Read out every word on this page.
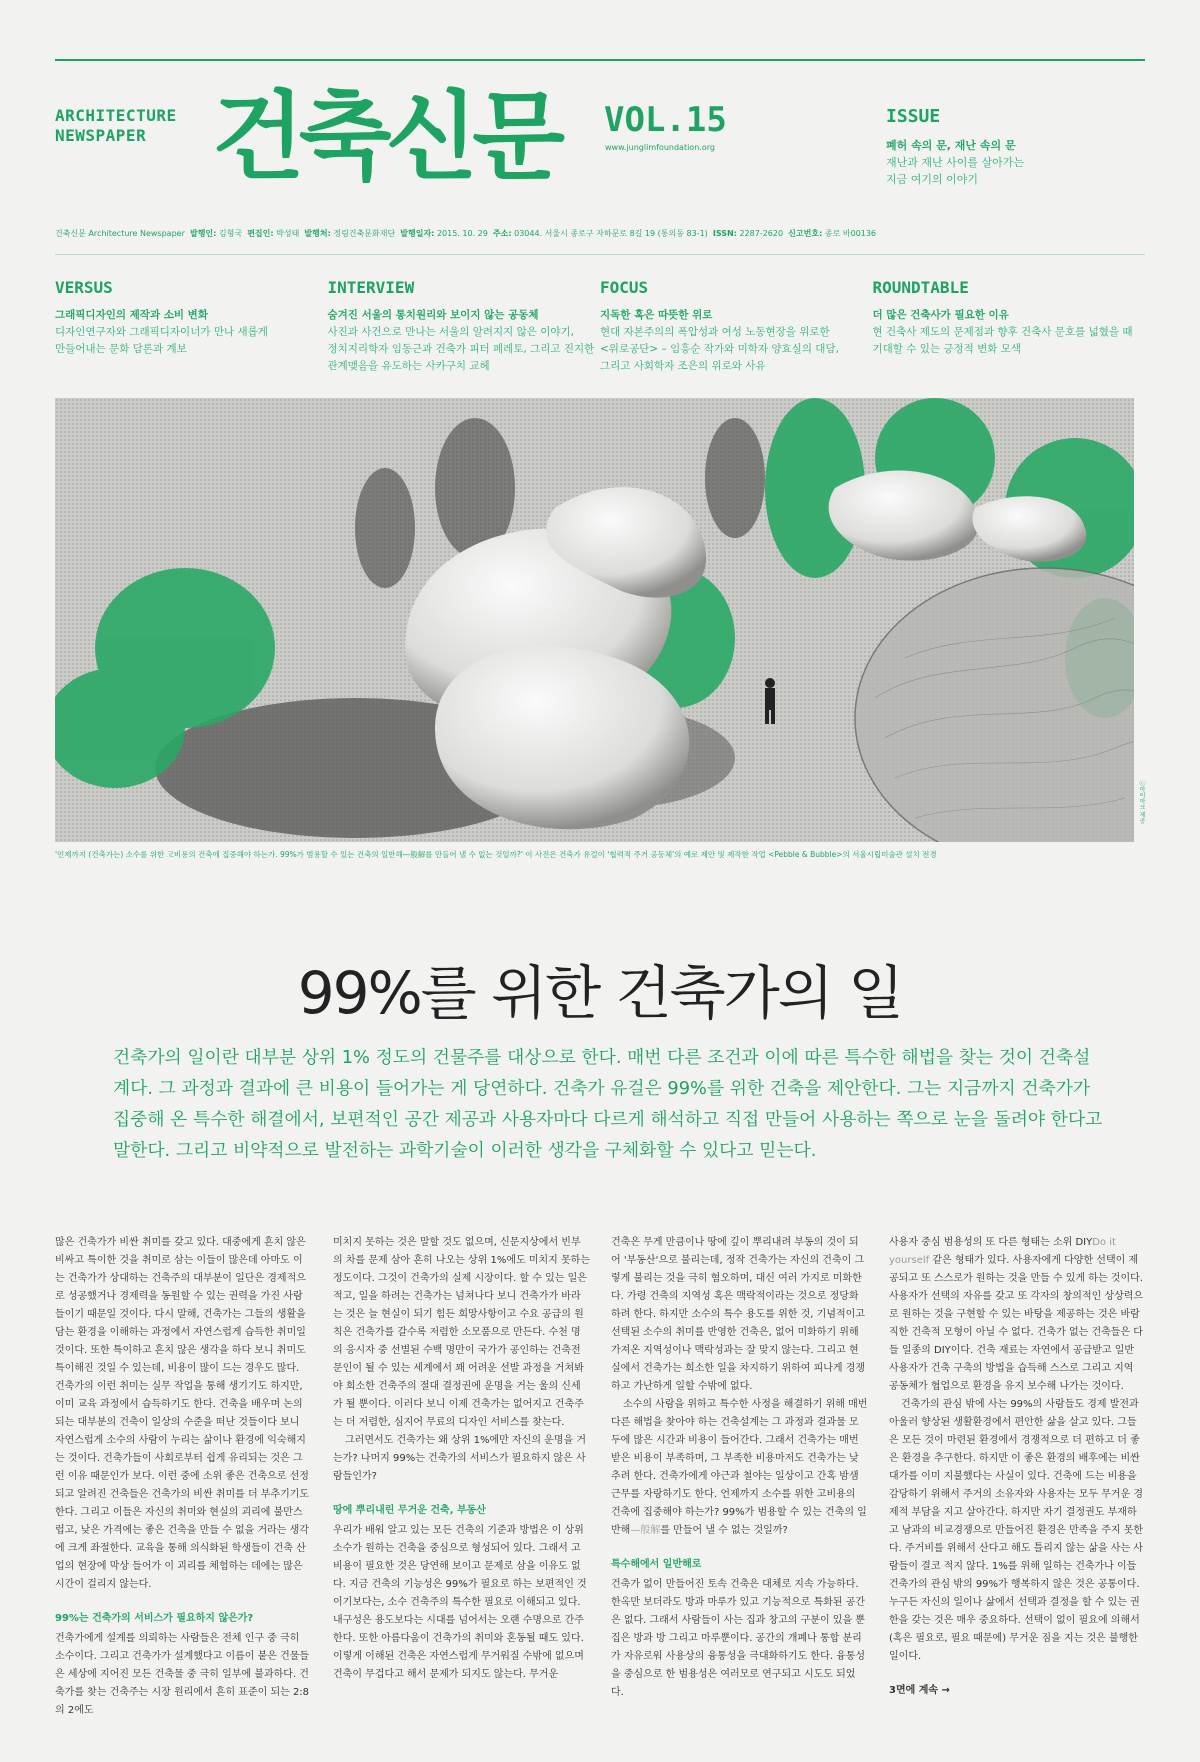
ARCHITECTURE
NEWSPAPER 건축신문 VOL.15
www.junglimfoundation.org
ISSUE
폐허 속의 문, 재난 속의 문
재난과 재난 사이를 살아가는
지금 여기의 이야기
건축신문 Architecture Newspaper 발행인: 김형국 편집인: 박성태 발행처: 정림건축문화재단 발행일자: 2015. 10. 29 주소: 03044. 서울시 종로구 자하문로 8길 19 (통의동 83-1) ISSN: 2287-2620 신고번호: 종로 바00136
VERSUS
그래픽디자인의 제작과 소비 변화
디자인연구자와 그래픽디자이너가 만나 새롭게
만들어내는 문화 담론과 계보
INTERVIEW
숨겨진 서울의 통치원리와 보이지 않는 공동체
사진과 사건으로 만나는 서울의 알려지지 않은 이야기,
정치지리학자 임동근과 건축가 피터 페레토, 그리고 진지한
관계맺음을 유도하는 사카구치 교헤
FOCUS
지독한 혹은 따뜻한 위로
현대 자본주의의 폭압성과 여성 노동현장을 위로한
<위로공단> – 임흥순 작가와 미학자 양효실의 대담,
그리고 사회학자 조은의 위로와 사유
ROUNDTABLE
더 많은 건축사가 필요한 이유
현 건축사 제도의 문제점과 향후 건축사 문호를 넓혔을 때
기대할 수 있는 긍정적 변화 모색
ⓒ아이아크 제공
'언제까지 (건축가는) 소수를 위한 고비용의 건축에 집중해야 하는가. 99%가 범용할 수 있는 건축의 일반해—般解를 만들어 낼 수 없는 것일까?' 이 사진은 건축가 유걸이 '협력적 주거 공동체'의 예로 제안 및 제작한 작업 <Pebble & Bubble>의 서울시립미술관 설치 전경
99%를 위한 건축가의 일
건축가의 일이란 대부분 상위 1% 정도의 건물주를 대상으로 한다. 매번 다른 조건과 이에 따른 특수한 해법을 찾는 것이 건축설계다. 그 과정과 결과에 큰 비용이 들어가는 게 당연하다. 건축가 유걸은 99%를 위한 건축을 제안한다. 그는 지금까지 건축가가 집중해 온 특수한 해결에서, 보편적인 공간 제공과 사용자마다 다르게 해석하고 직접 만들어 사용하는 쪽으로 눈을 돌려야 한다고 말한다. 그리고 비약적으로 발전하는 과학기술이 이러한 생각을 구체화할 수 있다고 믿는다.

많은 건축가가 비싼 취미를 갖고 있다. 대중에게 흔치 않은 비싸고 특이한 것을 취미로 삼는 이들이 많은데 아마도 이는 건축가가 상대하는 건축주의 대부분이 일단은 경제적으로 성공했거나 경제력을 동원할 수 있는 권력을 가진 사람들이기 때문일 것이다. 다시 말해, 건축가는 그들의 생활을 담는 환경을 이해하는 과정에서 자연스럽게 습득한 취미일 것이다. 또한 특이하고 흔치 않은 생각을 하다 보니 취미도 특이해진 것일 수 있는데, 비용이 많이 드는 경우도 많다. 건축가의 이런 취미는 실무 작업을 통해 생기기도 하지만, 이미 교육 과정에서 습득하기도 한다. 건축을 배우며 논의되는 대부분의 건축이 일상의 수준을 떠난 것들이다 보니 자연스럽게 소수의 사람이 누리는 삶이나 환경에 익숙해지는 것이다. 건축가들이 사회로부터 쉽게 유리되는 것은 그런 이유 때문인가 보다. 이런 중에 소위 좋은 건축으로 선정되고 알려진 건축들은 건축가의 비싼 취미를 더 부추기기도 한다. 그리고 이들은 자신의 취미와 현실의 괴리에 불만스럽고, 낮은 가격에는 좋은 건축을 만들 수 없을 거라는 생각에 크게 좌절한다. 교육을 통해 의식화된 학생들이 건축 산업의 현장에 막상 들어가 이 괴리를 체험하는 데에는 많은 시간이 걸리지 않는다.

99%는 건축가의 서비스가 필요하지 않은가?

건축가에게 설계를 의뢰하는 사람들은 전체 인구 중 극히 소수이다. 그리고 건축가가 설계했다고 이름이 붙은 건물들은 세상에 지어진 모든 건축물 중 극히 일부에 불과하다. 건축가를 찾는 건축주는 시장 원리에서 흔히 표준이 되는 2:8의 2에도

미치지 못하는 것은 말할 것도 없으며, 신문지상에서 빈부의 차를 문제 삼아 흔히 나오는 상위 1%에도 미치지 못하는 정도이다. 그것이 건축가의 실제 시장이다. 할 수 있는 일은 적고, 일을 하려는 건축가는 넘쳐나다 보니 건축가가 바라는 것은 늘 현실이 되기 힘든 희망사항이고 수요 공급의 원칙은 건축가를 갈수록 저렴한 소모품으로 만든다. 수천 명의 응시자 중 선별된 수백 명만이 국가가 공인하는 건축전문인이 될 수 있는 세계에서 꽤 어려운 선발 과정을 거쳐봐야 희소한 건축주의 절대 결정권에 운명을 거는 울의 신세가 될 뿐이다. 이러다 보니 이제 건축가는 없어지고 건축주는 더 저렴한, 심지어 무료의 디자인 서비스를 찾는다.

그러면서도 건축가는 왜 상위 1%에만 자신의 운명을 거는가? 나머지 99%는 건축가의 서비스가 필요하지 않은 사람들인가?

땅에 뿌리내린 무거운 건축, 부동산

우리가 배워 알고 있는 모든 건축의 기준과 방법은 이 상위 소수가 원하는 건축을 중심으로 형성되어 있다. 그래서 고비용이 필요한 것은 당연해 보이고 문제로 삼을 이유도 없다. 지금 건축의 기능성은 99%가 필요로 하는 보편적인 것이기보다는, 소수 건축주의 특수한 필요로 이해되고 있다. 내구성은 용도보다는 시대를 넘어서는 오랜 수명으로 간주한다. 또한 아름다움이 건축가의 취미와 혼동될 때도 있다. 이렇게 이해된 건축은 자연스럽게 무거워질 수밖에 없으며 건축이 무겁다고 해서 문제가 되지도 않는다. 무거운

건축은 무게 만큼이나 땅에 깊이 뿌리내려 부동의 것이 되어 '부동산'으로 불리는데, 정작 건축가는 자신의 건축이 그렇게 불리는 것을 극히 혐오하며, 대신 여러 가지로 미화한다. 가령 건축의 지역성 혹은 맥락적이라는 것으로 정당화하려 한다. 하지만 소수의 특수 용도를 위한 것, 기념적이고 선택된 소수의 취미를 반영한 건축은, 없어 미화하기 위해 가져온 지역성이나 맥락성과는 잘 맞지 않는다. 그리고 현실에서 건축가는 희소한 일을 차지하기 위하여 피나게 경쟁하고 가난하게 일할 수밖에 없다.

소수의 사람을 위하고 특수한 사정을 해결하기 위해 매번 다른 해법을 찾아야 하는 건축설계는 그 과정과 결과물 모두에 많은 시간과 비용이 들어간다. 그래서 건축가는 매번 받은 비용이 부족하며, 그 부족한 비용마저도 건축가는 낮추려 한다. 건축가에게 야근과 철야는 일상이고 간혹 밤샘 근무를 자랑하기도 한다. 언제까지 소수를 위한 고비용의 건축에 집중해야 하는가? 99%가 범용할 수 있는 건축의 일반해—般解를 만들어 낼 수 없는 것일까?

특수해에서 일반해로

건축가 없이 만들어진 토속 건축은 대체로 지속 가능하다. 한옥만 보더라도 방과 마루가 있고 기능적으로 특화된 공간은 없다. 그래서 사람들이 사는 집과 창고의 구분이 있을 뿐 집은 방과 방 그리고 마루뿐이다. 공간의 개폐나 통합 분리가 자유로워 사용상의 융통성을 극대화하기도 한다. 융통성을 중심으로 한 범용성은 여러모로 연구되고 시도도 되었다.

사용자 중심 범용성의 또 다른 형태는 소위 DIYDo it yourself 같은 형태가 있다. 사용자에게 다양한 선택이 제공되고 또 스스로가 원하는 것을 만들 수 있게 하는 것이다. 사용자가 선택의 자유를 갖고 또 각자의 창의적인 상상력으로 원하는 것을 구현할 수 있는 바탕을 제공하는 것은 바람직한 건축적 모형이 아닐 수 없다. 건축가 없는 건축들은 다들 일종의 DIY이다. 건축 재료는 자연에서 공급받고 일반 사용자가 건축 구축의 방법을 습득해 스스로 그리고 지역 공동체가 협업으로 환경을 유지 보수해 나가는 것이다.

건축가의 관심 밖에 사는 99%의 사람들도 경제 발전과 아울러 향상된 생활환경에서 편안한 삶을 살고 있다. 그들은 모든 것이 마련된 환경에서 경쟁적으로 더 편하고 더 좋은 환경을 추구한다. 하지만 이 좋은 환경의 배후에는 비싼 대가를 이미 지불했다는 사실이 있다. 건축에 드는 비용을 감당하기 위해서 주거의 소유자와 사용자는 모두 무거운 경제적 부담을 지고 살아간다. 하지만 자기 결정권도 부재하고 남과의 비교경쟁으로 만들어진 환경은 만족을 주지 못한다. 주거비를 위해서 산다고 해도 틀리지 않는 삶을 사는 사람들이 결코 적지 않다. 1%를 위해 일하는 건축가나 이들 건축가의 관심 밖의 99%가 행복하지 않은 것은 공통이다. 누구든 자신의 일이나 삶에서 선택과 결정을 할 수 있는 권한을 갖는 것은 매우 중요하다. 선택이 없이 필요에 의해서 (혹은 필요로, 필요 때문에) 무거운 짐을 지는 것은 불행한 일이다.

3면에 계속 →
